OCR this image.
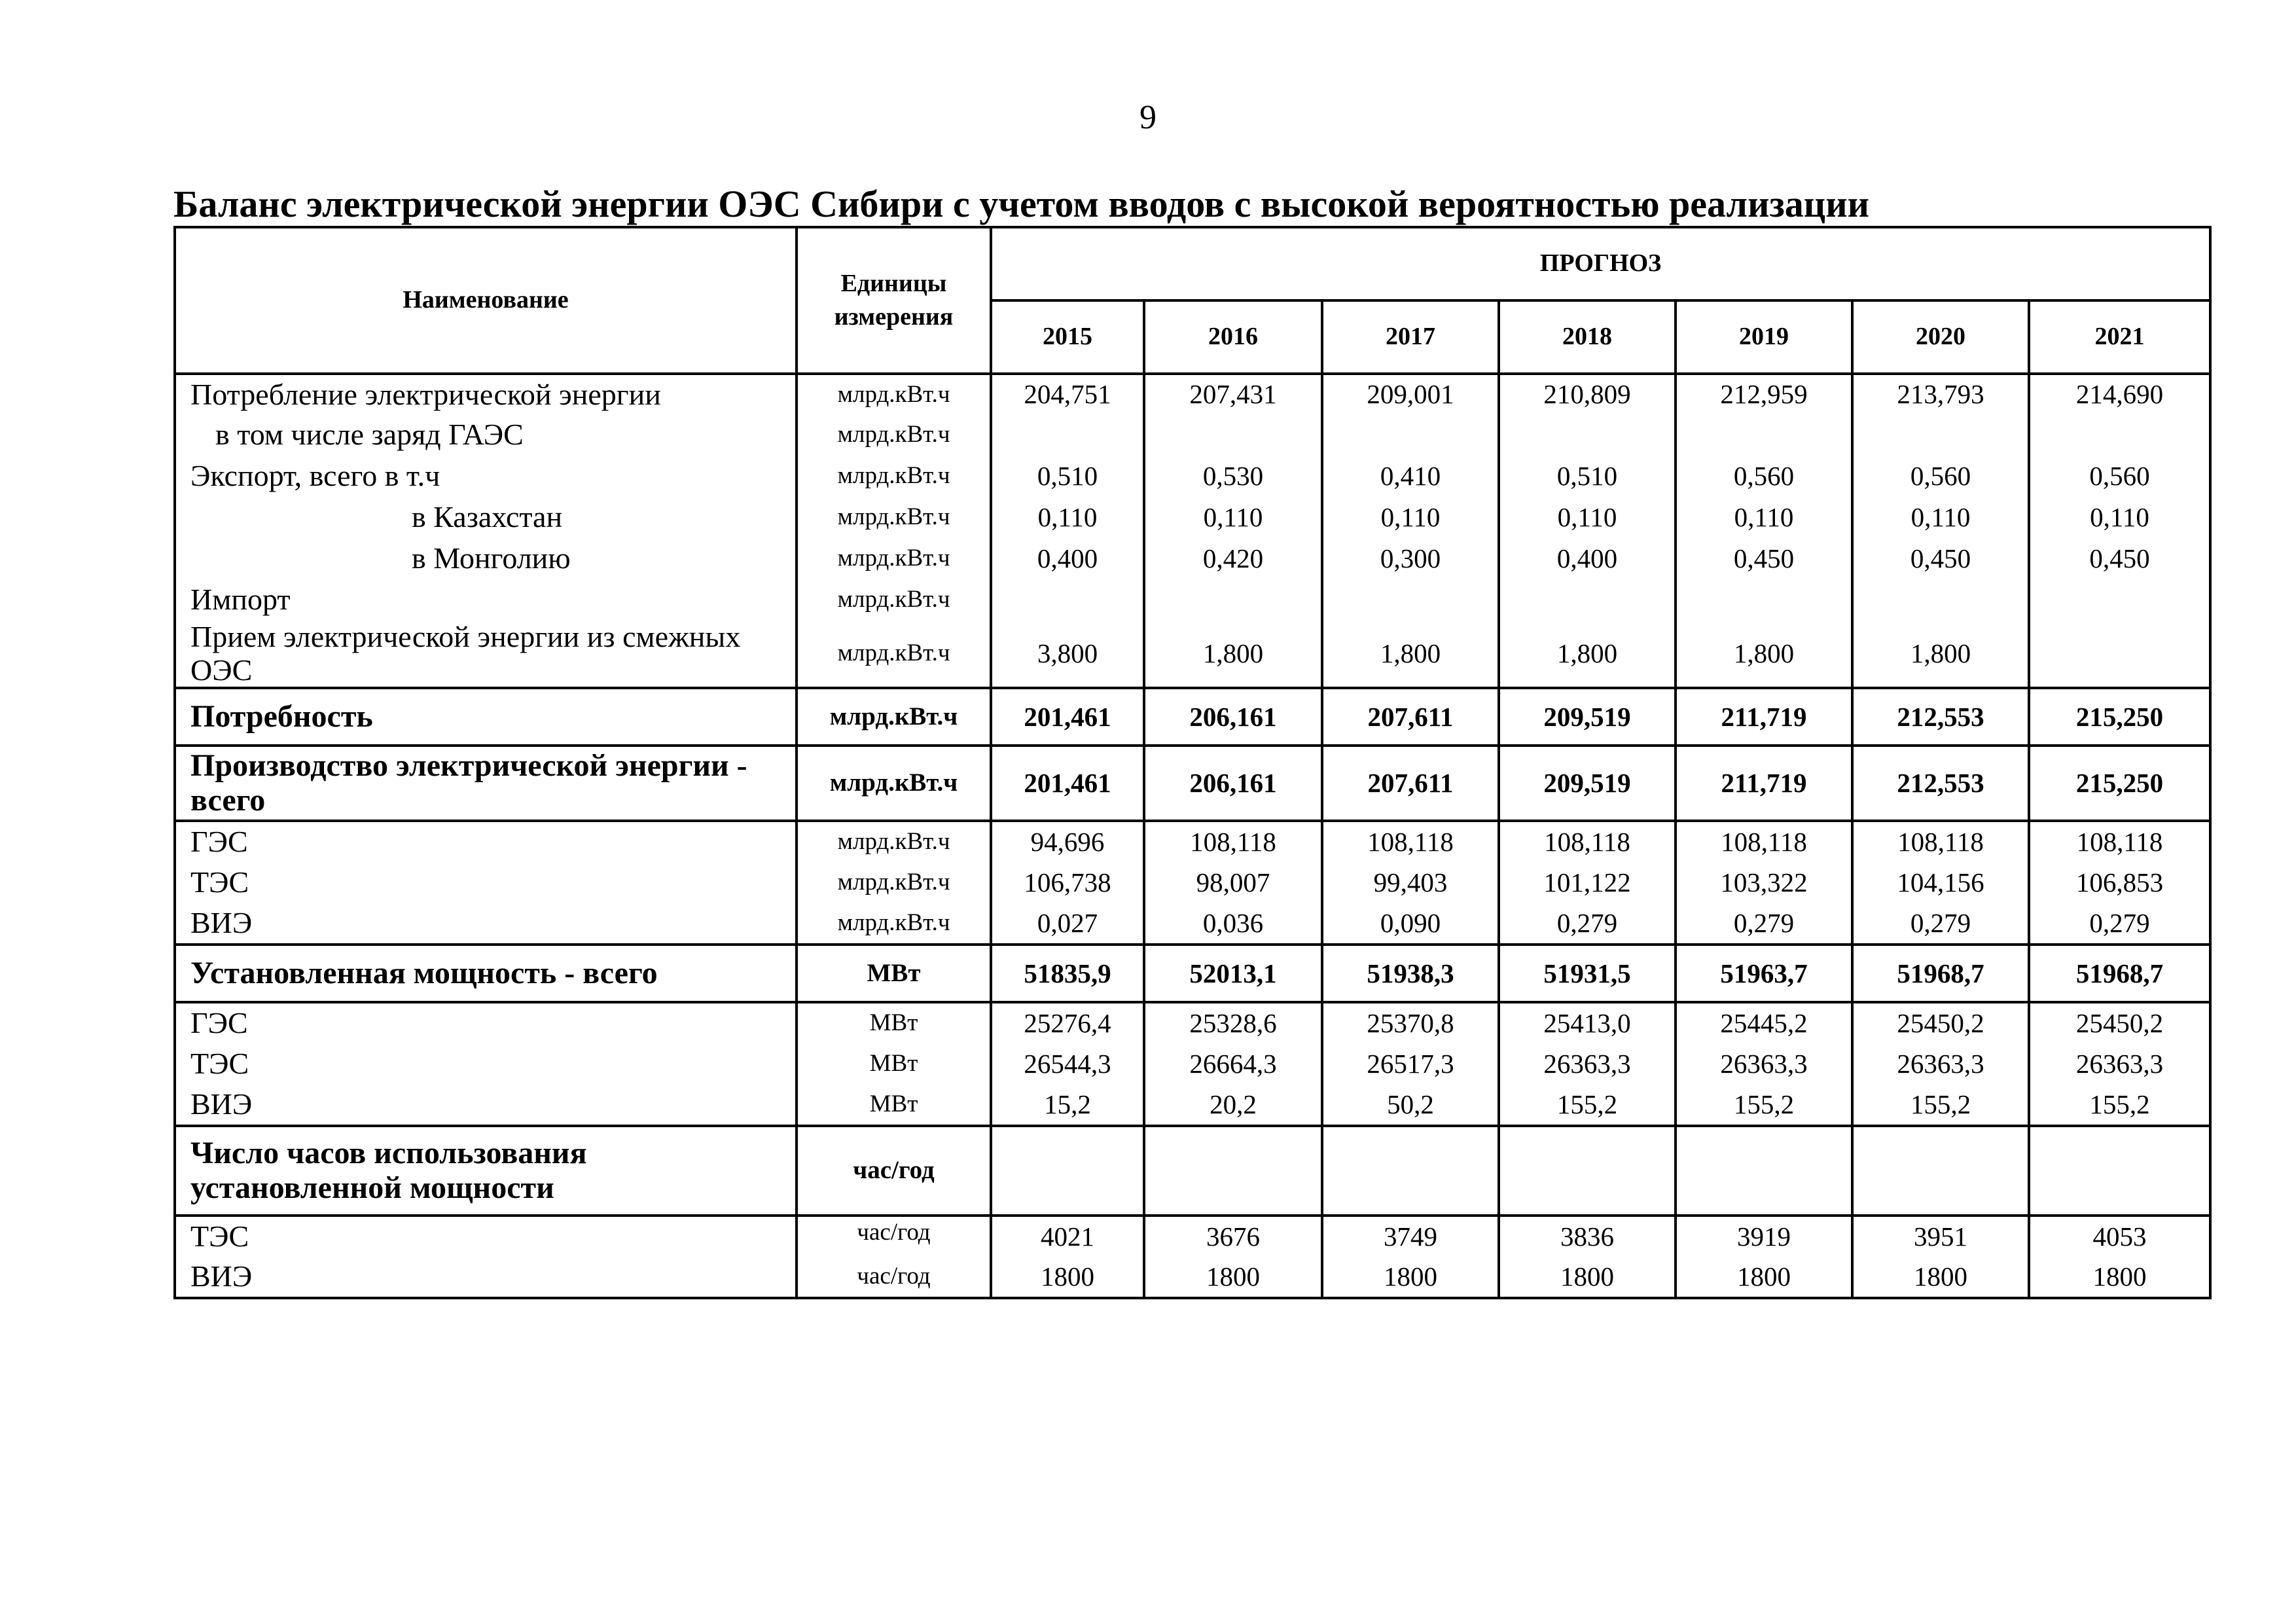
9
Баланс электрической энергии ОЭС Сибири с учетом вводов с высокой вероятностью реализации
Наименование	Единицы измерения	ПРОГНОЗ						
		2015	2016	2017	2018	2019	2020	2021
Потребление электрической энергии	млрд.кВт.ч	204,751	207,431	209,001	210,809	212,959	213,793	214,690
в том числе заряд ГАЭС	млрд.кВт.ч							
Экспорт, всего в т.ч	млрд.кВт.ч	0,510	0,530	0,410	0,510	0,560	0,560	0,560
в Казахстан	млрд.кВт.ч	0,110	0,110	0,110	0,110	0,110	0,110	0,110
в Монголию	млрд.кВт.ч	0,400	0,420	0,300	0,400	0,450	0,450	0,450
Импорт	млрд.кВт.ч							
Прием электрической энергии из смежных ОЭС	млрд.кВт.ч	3,800	1,800	1,800	1,800	1,800	1,800	
Потребность	млрд.кВт.ч	201,461	206,161	207,611	209,519	211,719	212,553	215,250
Производство электрической энергии - всего	млрд.кВт.ч	201,461	206,161	207,611	209,519	211,719	212,553	215,250
ГЭС	млрд.кВт.ч	94,696	108,118	108,118	108,118	108,118	108,118	108,118
ТЭС	млрд.кВт.ч	106,738	98,007	99,403	101,122	103,322	104,156	106,853
ВИЭ	млрд.кВт.ч	0,027	0,036	0,090	0,279	0,279	0,279	0,279
Установленная мощность - всего	МВт	51835,9	52013,1	51938,3	51931,5	51963,7	51968,7	51968,7
ГЭС	МВт	25276,4	25328,6	25370,8	25413,0	25445,2	25450,2	25450,2
ТЭС	МВт	26544,3	26664,3	26517,3	26363,3	26363,3	26363,3	26363,3
ВИЭ	МВт	15,2	20,2	50,2	155,2	155,2	155,2	155,2
Число часов использования установленной мощности	час/год							
ТЭС	час/год	4021	3676	3749	3836	3919	3951	4053
ВИЭ	час/год	1800	1800	1800	1800	1800	1800	1800
